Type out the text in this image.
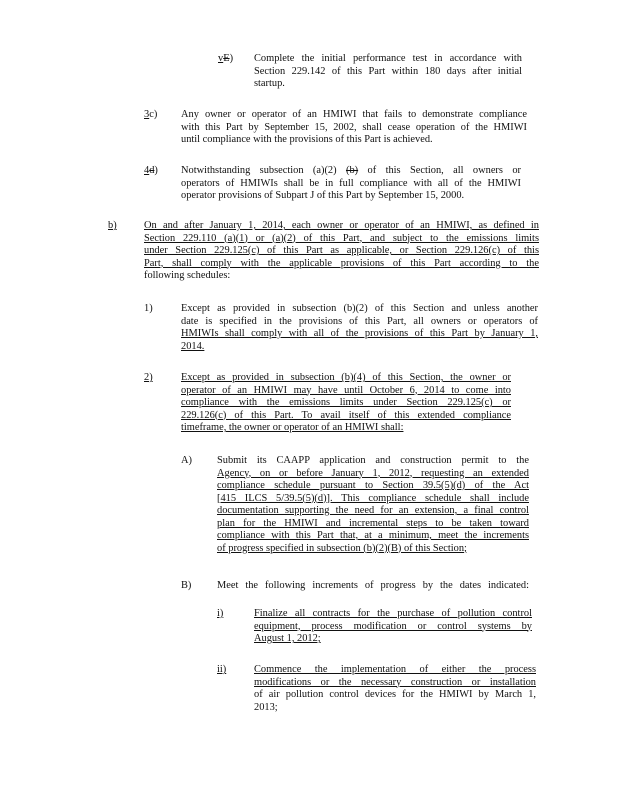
vE) Complete the initial performance test in accordance with
Section 229.142 of this Part within 180 days after initial
startup.
3c) Any owner or operator of an HMIWI that fails to demonstrate compliance
with this Part by September 15, 2002, shall cease operation of the HMIWI
until compliance with the provisions of this Part is achieved.
4d) Notwithstanding subsection (a)(2) (b) of this Section, all owners or
operators of HMIWIs shall be in full compliance with all of the HMIWI
operator provisions of Subpart J of this Part by September 15, 2000.
b)	On and after January 1, 2014, each owner or operator of an HMIWI, as defined in
Section 229.110 (a)(1) or (a)(2) of this Part, and subject to the emissions limits
under Section 229.125(c) of this Part as applicable, or Section 229.126(c) of this
Part, shall comply with the applicable provisions of this Part according to the
following schedules:
1)	Except as provided in subsection (b)(2) of this Section and unless another
date is specified in the provisions of this Part, all owners or operators of
HMIWIs shall comply with all of the provisions of this Part by January 1,
2014.
2)	Except as provided in subsection (b)(4) of this Section, the owner or
operator of an HMIWI may have until October 6, 2014 to come into
compliance with the emissions limits under Section 229.125(c) or
229.126(c) of this Part. To avail itself of this extended compliance
timeframe, the owner or operator of an HMIWI shall:
A) Submit its CAAPP application and construction permit to the
Agency, on or before January 1, 2012, requesting an extended
compliance schedule pursuant to Section 39.5(5)(d) of the Act
[415 ILCS 5/39.5(5)(d)]. This compliance schedule shall include
documentation supporting the need for an extension, a final control
plan for the HMIWI and incremental steps to be taken toward
compliance with this Part that, at a minimum, meet the increments
of progress specified in subsection (b)(2)(B) of this Section;
B) Meet the following increments of progress by the dates indicated:
i)	Finalize all contracts for the purchase of pollution control
equipment, process modification or control systems by
August 1, 2012;
ii)	Commence the implementation of either the process
modifications or the necessary construction or installation
of air pollution control devices for the HMIWI by March 1,
2013;
